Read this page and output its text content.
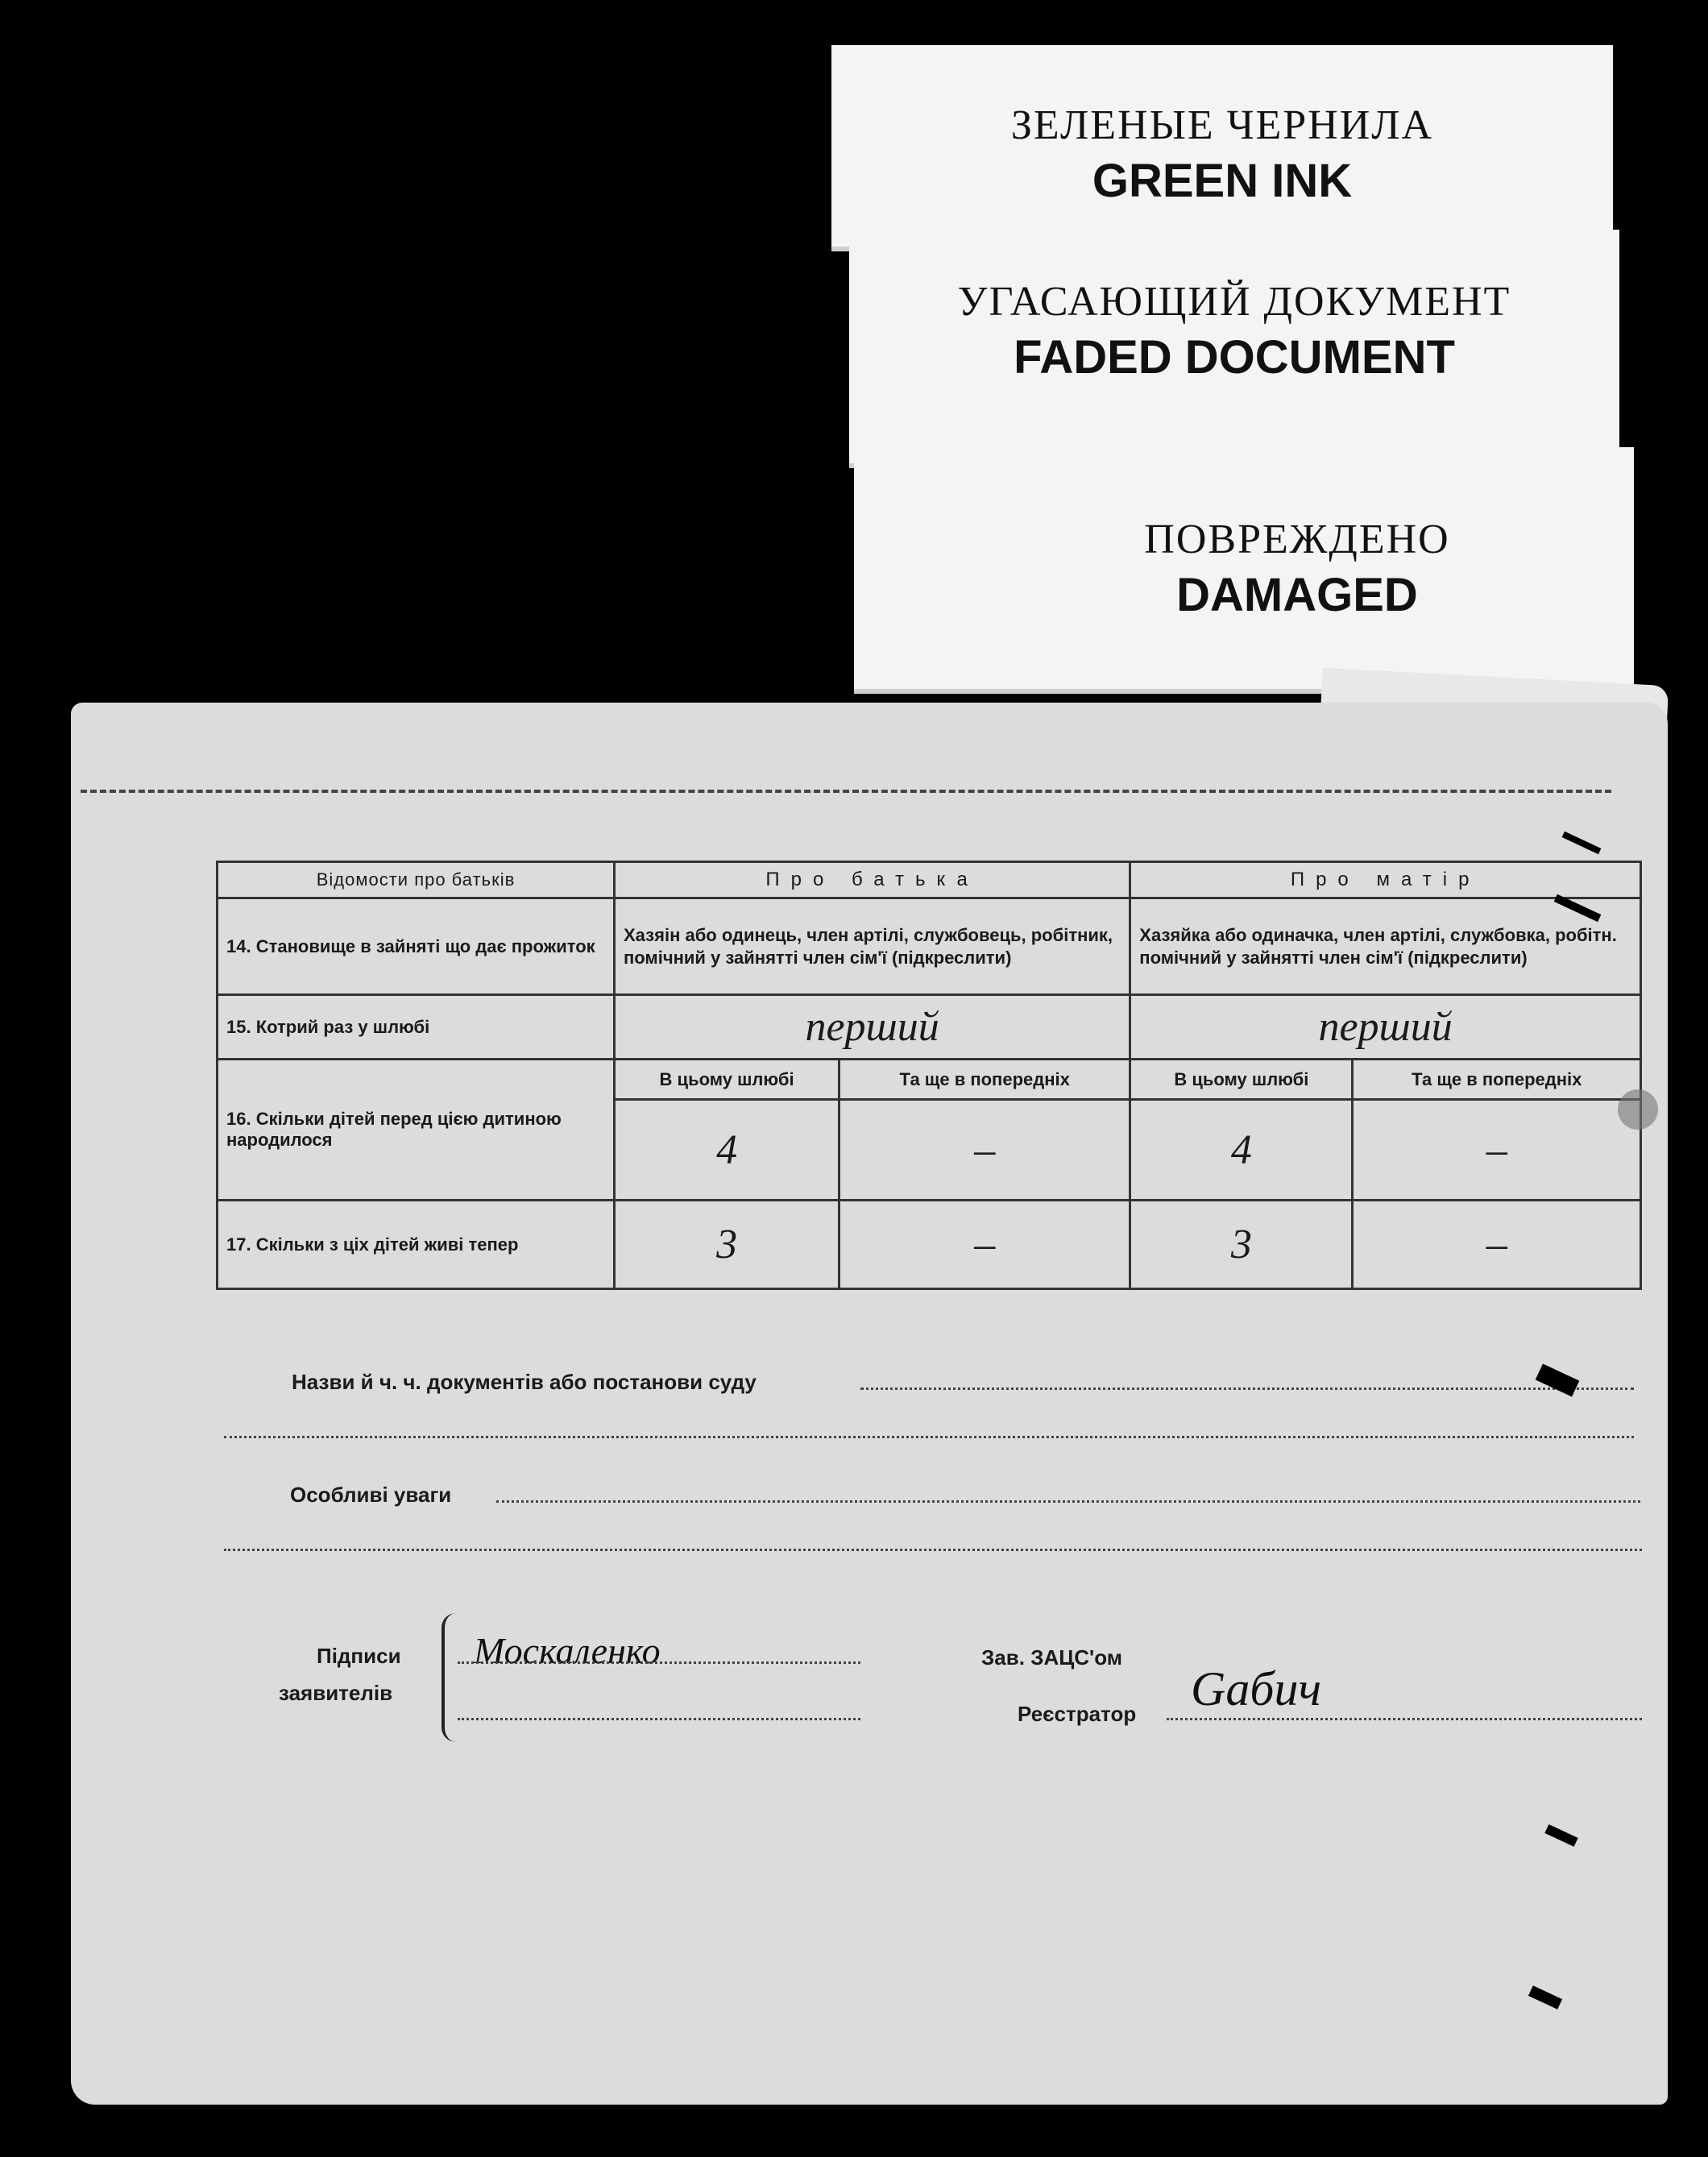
ЗЕЛЕНЫЕ ЧЕРНИЛА
GREEN INK
УГАСАЮЩИЙ ДОКУМЕНТ
FADED DOCUMENT
ПОВРЕЖДЕНО
DAMAGED
Відомости про батьків	Про батька		Про матір	
14. Становище в зайняті що дає прожиток	Хазяін або одинець, член артілі, службовець, робітник, помічний у зайнятті член сім'ї (підкреслити)		Хазяйка або одиначка, член артілі, службовка, робітн. помічний у зайнятті член сім'ї (підкреслити)	
15. Котрий раз у шлюбі	перший		перший	
16. Скільки дітей перед цією дитиною народилося	В цьому шлюбі	Та ще в попередніх	В цьому шлюбі	Та ще в попередніх
	4	–	4	–
17. Скільки з ціх дітей живі тепер	3	–	3	–
Назви й ч. ч. документів або постанови суду
Особливі уваги
Підписи
заявителів
Москаленко	Зав. ЗАЦС'ом
Реєстратор Gaбич
